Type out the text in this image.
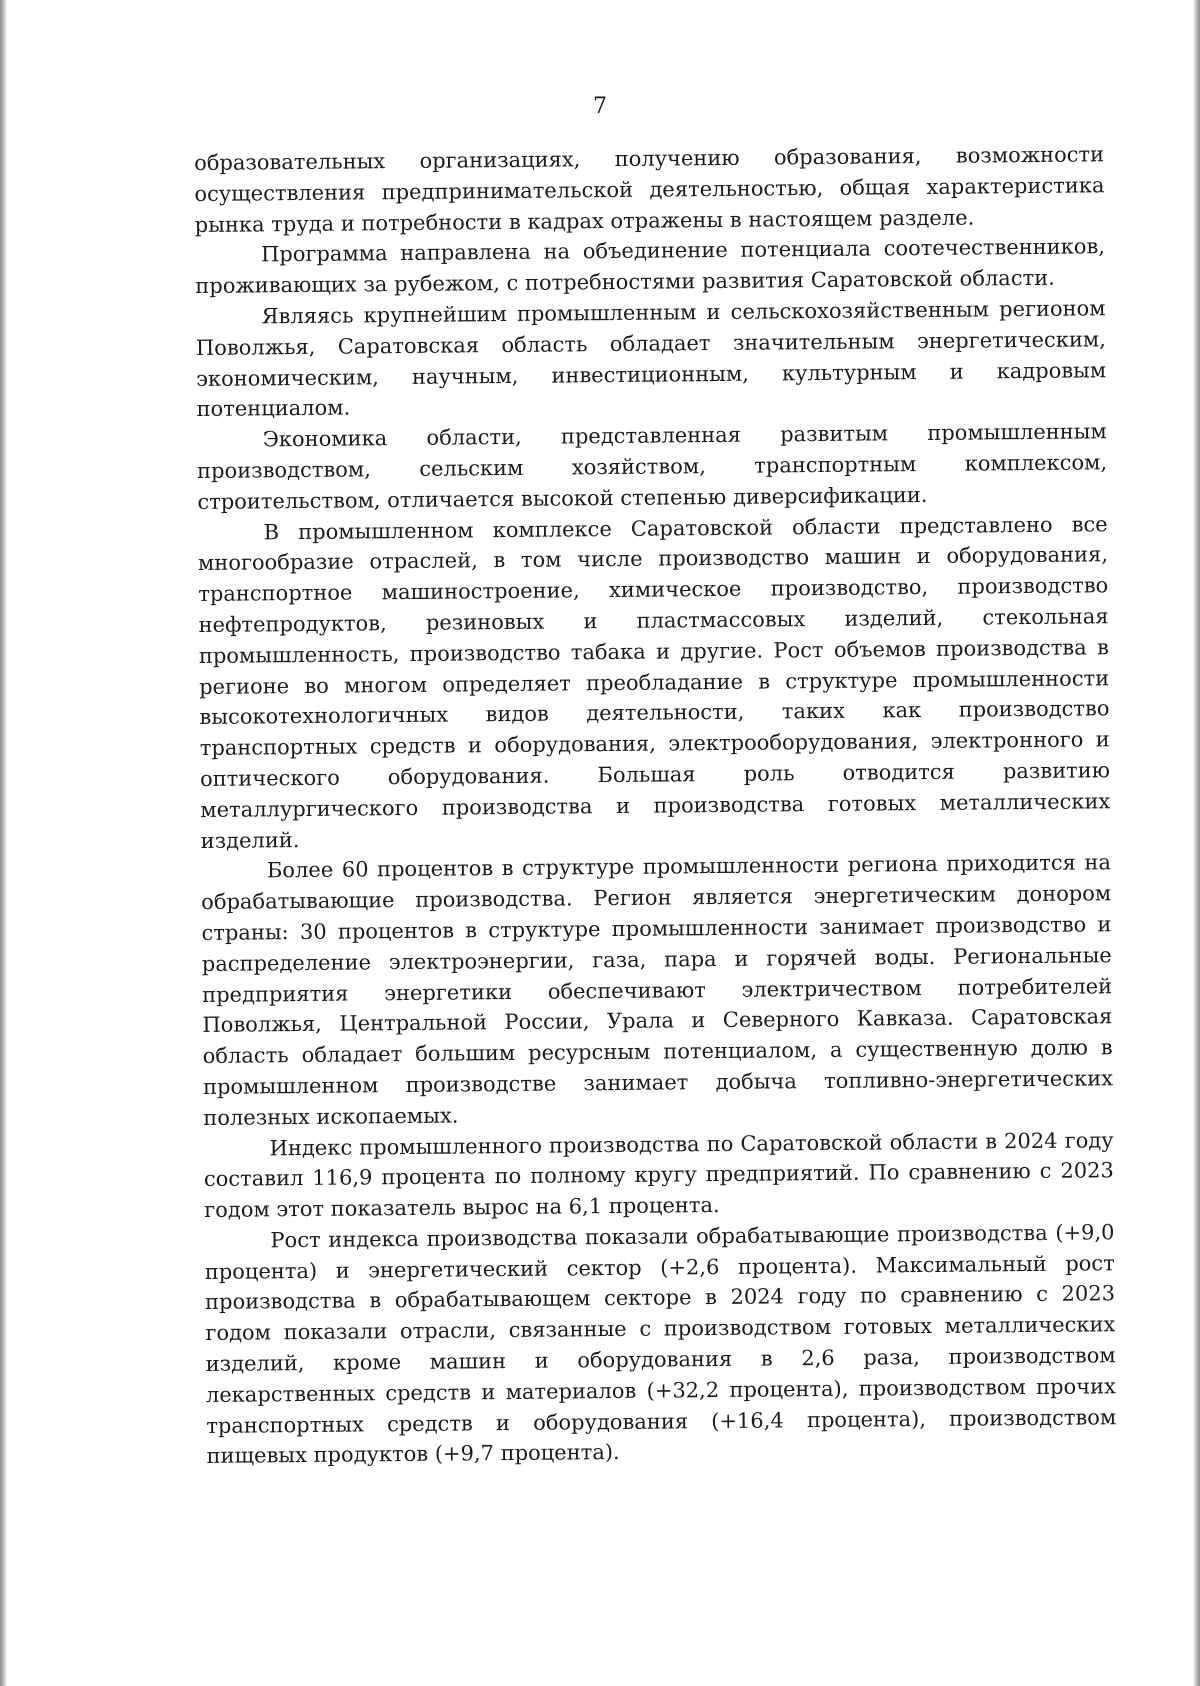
7

образовательных организациях, получению образования, возможности осуществления предпринимательской деятельностью, общая характеристика рынка труда и потребности в кадрах отражены в настоящем разделе.

Программа направлена на объединение потенциала соотечественников, проживающих за рубежом, с потребностями развития Саратовской области.

Являясь крупнейшим промышленным и сельскохозяйственным регионом Поволжья, Саратовская область обладает значительным энергетическим, экономическим, научным, инвестиционным, культурным и кадровым потенциалом.

Экономика области, представленная развитым промышленным производством, сельским хозяйством, транспортным комплексом, строительством, отличается высокой степенью диверсификации.

В промышленном комплексе Саратовской области представлено все многообразие отраслей, в том числе производство машин и оборудования, транспортное машиностроение, химическое производство, производство нефтепродуктов, резиновых и пластмассовых изделий, стекольная промышленность, производство табака и другие. Рост объемов производства в регионе во многом определяет преобладание в структуре промышленности высокотехнологичных видов деятельности, таких как производство транспортных средств и оборудования, электрооборудования, электронного и оптического оборудования. Большая роль отводится развитию металлургического производства и производства готовых металлических изделий.

Более 60 процентов в структуре промышленности региона приходится на обрабатывающие производства. Регион является энергетическим донором страны: 30 процентов в структуре промышленности занимает производство и распределение электроэнергии, газа, пара и горячей воды. Региональные предприятия энергетики обеспечивают электричеством потребителей Поволжья, Центральной России, Урала и Северного Кавказа. Саратовская область обладает большим ресурсным потенциалом, а существенную долю в промышленном производстве занимает добыча топливно-энергетических полезных ископаемых.

Индекс промышленного производства по Саратовской области в 2024 году составил 116,9 процента по полному кругу предприятий. По сравнению с 2023 годом этот показатель вырос на 6,1 процента.

Рост индекса производства показали обрабатывающие производства (+9,0 процента) и энергетический сектор (+2,6 процента). Максимальный рост производства в обрабатывающем секторе в 2024 году по сравнению с 2023 годом показали отрасли, связанные с производством готовых металлических изделий, кроме машин и оборудования в 2,6 раза, производством лекарственных средств и материалов (+32,2 процента), производством прочих транспортных средств и оборудования (+16,4 процента), производством пищевых продуктов (+9,7 процента).
